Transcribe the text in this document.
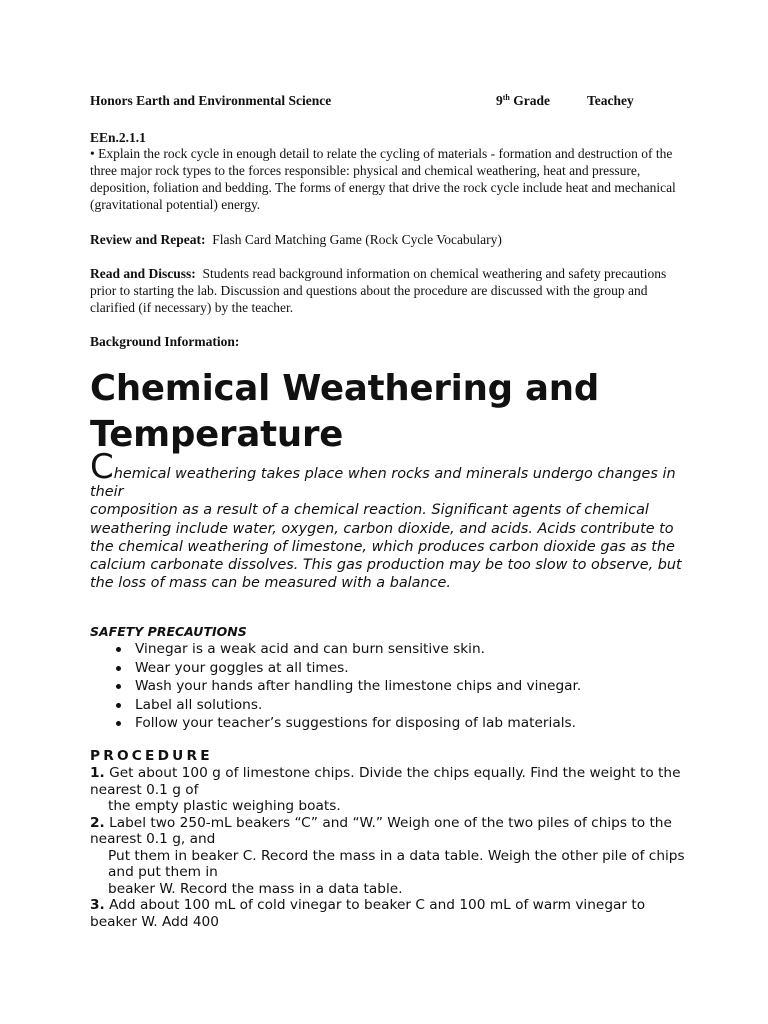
Honors Earth and Environmental Science	9th Grade	Teachey
EEn.2.1.1
• Explain the rock cycle in enough detail to relate the cycling of materials - formation and destruction of the three major rock types to the forces responsible: physical and chemical weathering, heat and pressure, deposition, foliation and bedding. The forms of energy that drive the rock cycle include heat and mechanical (gravitational potential) energy.
Review and Repeat: Flash Card Matching Game (Rock Cycle Vocabulary)
Read and Discuss: Students read background information on chemical weathering and safety precautions prior to starting the lab. Discussion and questions about the procedure are discussed with the group and clarified (if necessary) by the teacher.
Background Information:
Chemical Weathering and
Temperature
Chemical weathering takes place when rocks and minerals undergo changes in their
composition as a result of a chemical reaction. Significant agents of chemical weathering include water, oxygen, carbon dioxide, and acids. Acids contribute to the chemical weathering of limestone, which produces carbon dioxide gas as the calcium carbonate dissolves. This gas production may be too slow to observe, but the loss of mass can be measured with a balance.
SAFETY PRECAUTIONS
Vinegar is a weak acid and can burn sensitive skin.
Wear your goggles at all times.
Wash your hands after handling the limestone chips and vinegar.
Label all solutions.
Follow your teacher’s suggestions for disposing of lab materials.
PROCEDURE

1. Get about 100 g of limestone chips. Divide the chips equally. Find the weight to the nearest 0.1 g of

the empty plastic weighing boats.

2. Label two 250-mL beakers “C” and “W.” Weigh one of the two piles of chips to the nearest 0.1 g, and

Put them in beaker C. Record the mass in a data table. Weigh the other pile of chips and put them in

beaker W. Record the mass in a data table.

3. Add about 100 mL of cold vinegar to beaker C and 100 mL of warm vinegar to beaker W. Add 400
